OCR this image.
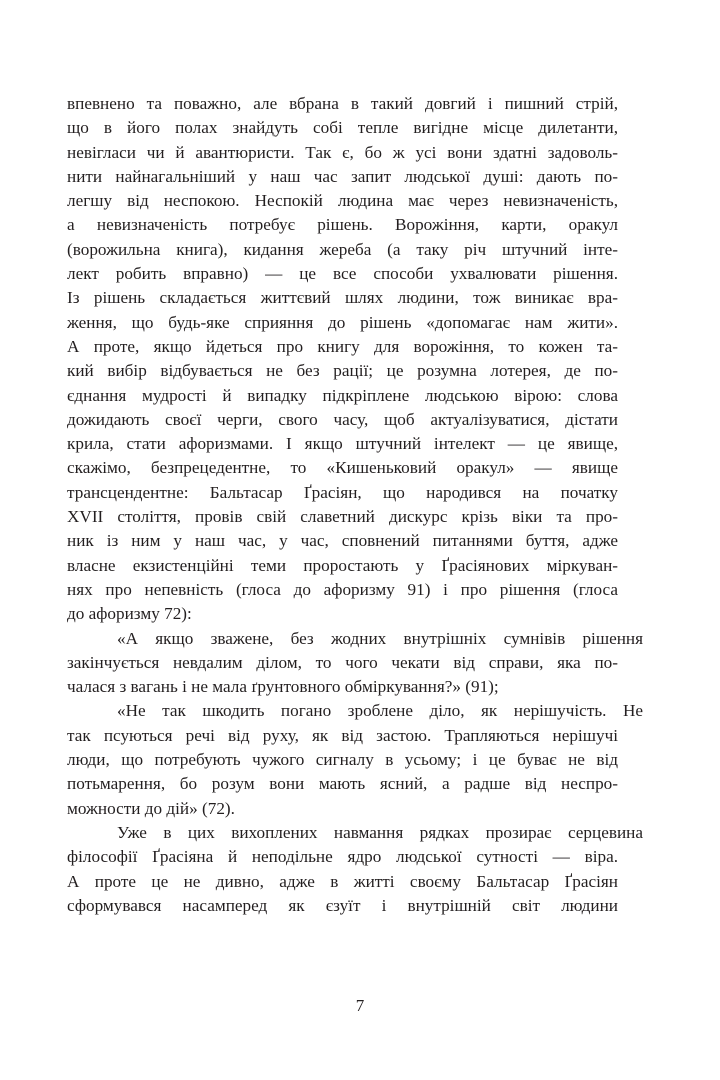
впевнено та поважно, але вбрана в такий довгий і пишний стрій,
що в його полах знайдуть собі тепле вигідне місце дилетанти,
невігласи чи й авантюристи. Так є, бо ж усі вони здатні задоволь-
нити найнагальніший у наш час запит людської душі: дають по-
легшу від неспокою. Неспокій людина має через невизначеність,
а невизначеність потребує рішень. Ворожіння, карти, оракул
(ворожильна книга), кидання жереба (а таку річ штучний інте-
лект робить вправно) — це все способи ухвалювати рішення.
Із рішень складається життєвий шлях людини, тож виникає вра-
ження, що будь-яке сприяння до рішень «допомагає нам жити».
А проте, якщо йдеться про книгу для ворожіння, то кожен та-
кий вибір відбувається не без рації; це розумна лотерея, де по-
єднання мудрості й випадку підкріплене людською вірою: слова
дожидають своєї черги, свого часу, щоб актуалізуватися, дістати
крила, стати афоризмами. І якщо штучний інтелект — це явище,
скажімо, безпрецедентне, то «Кишеньковий оракул» — явище
трансцендентне: Бальтасар Ґрасіян, що народився на початку
XVII століття, провів свій славетний дискурс крізь віки та про-
ник із ним у наш час, у час, сповнений питаннями буття, адже
власне екзистенційні теми проростають у Ґрасіянових міркуван-
нях про непевність (глоса до афоризму 91) і про рішення (глоса
до афоризму 72):
«А якщо зважене, без жодних внутрішніх сумнівів рішення
закінчується невдалим ділом, то чого чекати від справи, яка по-
чалася з вагань і не мала ґрунтовного обміркування?» (91);
«Не так шкодить погано зроблене діло, як нерішучість. Не
так псуються речі від руху, як від застою. Трапляються нерішучі
люди, що потребують чужого сигналу в усьому; і це буває не від
потьмарення, бо розум вони мають ясний, а радше від неспро-
можности до дій» (72).
Уже в цих вихоплених навмання рядках прозирає серцевина
філософії Ґрасіяна й неподільне ядро людської сутності — віра.
А проте це не дивно, адже в житті своєму Бальтасар Ґрасіян
сформувався насамперед як єзуїт і внутрішній світ людини
7
